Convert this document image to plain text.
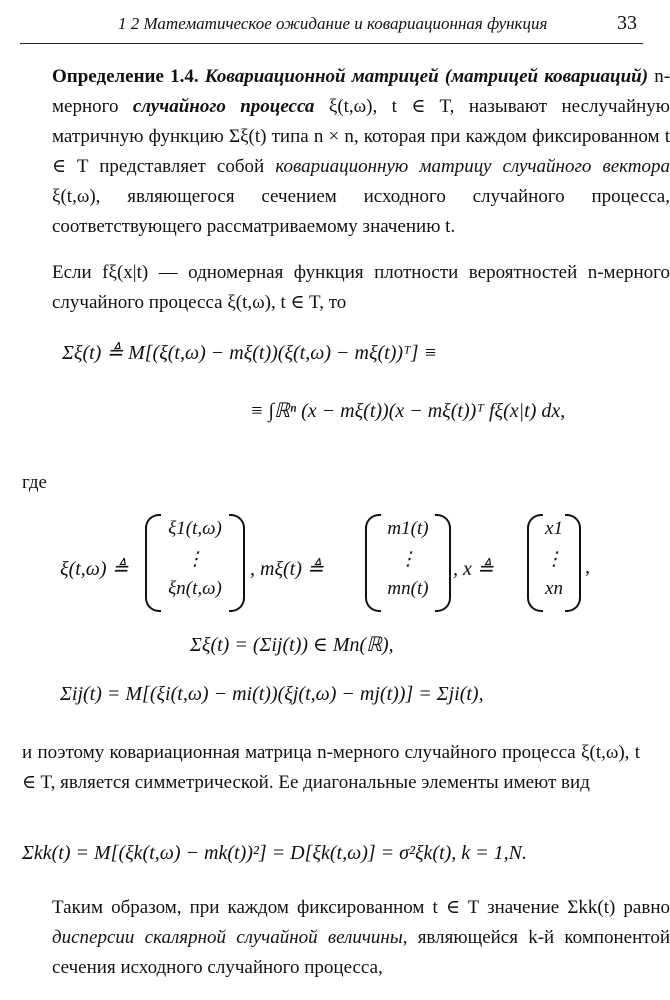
1 2 Математическое ожидание и ковариационная функция	33
Определение 1.4. Ковариационной матрицей (матрицей ковариаций) n-мерного случайного процесса ξ(t,ω), t ∈ T, называют неслучайную матричную функцию Σξ(t) типа n × n, которая при каждом фиксированном t ∈ T представляет собой ковариационную матрицу случайного вектора ξ(t,ω), являющегося сечением исходного случайного процесса, соответствующего рассматриваемому значению t.
Если fξ(x|t) — одномерная функция плотности вероятностей n-мерного случайного процесса ξ(t,ω), t ∈ T, то
Σξ(t) ≜ M[(ξ(t,ω) − mξ(t))(ξ(t,ω) − mξ(t))ᵀ] ≡
≡ ∫ℝⁿ (x − mξ(t))(x − mξ(t))ᵀ fξ(x|t) dx,
где
ξ(t,ω) ≜
ξ1(t,ω)
⋮
ξn(t,ω)
, mξ(t) ≜
m1(t)
⋮
mn(t)
, x ≜
x1
⋮
xn
,
Σξ(t) = (Σij(t)) ∈ Mn(ℝ),
Σij(t) = M[(ξi(t,ω) − mi(t))(ξj(t,ω) − mj(t))] = Σji(t),
и поэтому ковариационная матрица n-мерного случайного процесса ξ(t,ω), t ∈ T, является симметрической. Ее диагональные элементы имеют вид
Σkk(t) = M[(ξk(t,ω) − mk(t))²] = D[ξk(t,ω)] = σ²ξk(t), k = 1,N.
Таким образом, при каждом фиксированном t ∈ T значение Σkk(t) равно дисперсии скалярной случайной величины, являющейся k-й компонентой сечения исходного случайного процесса,
